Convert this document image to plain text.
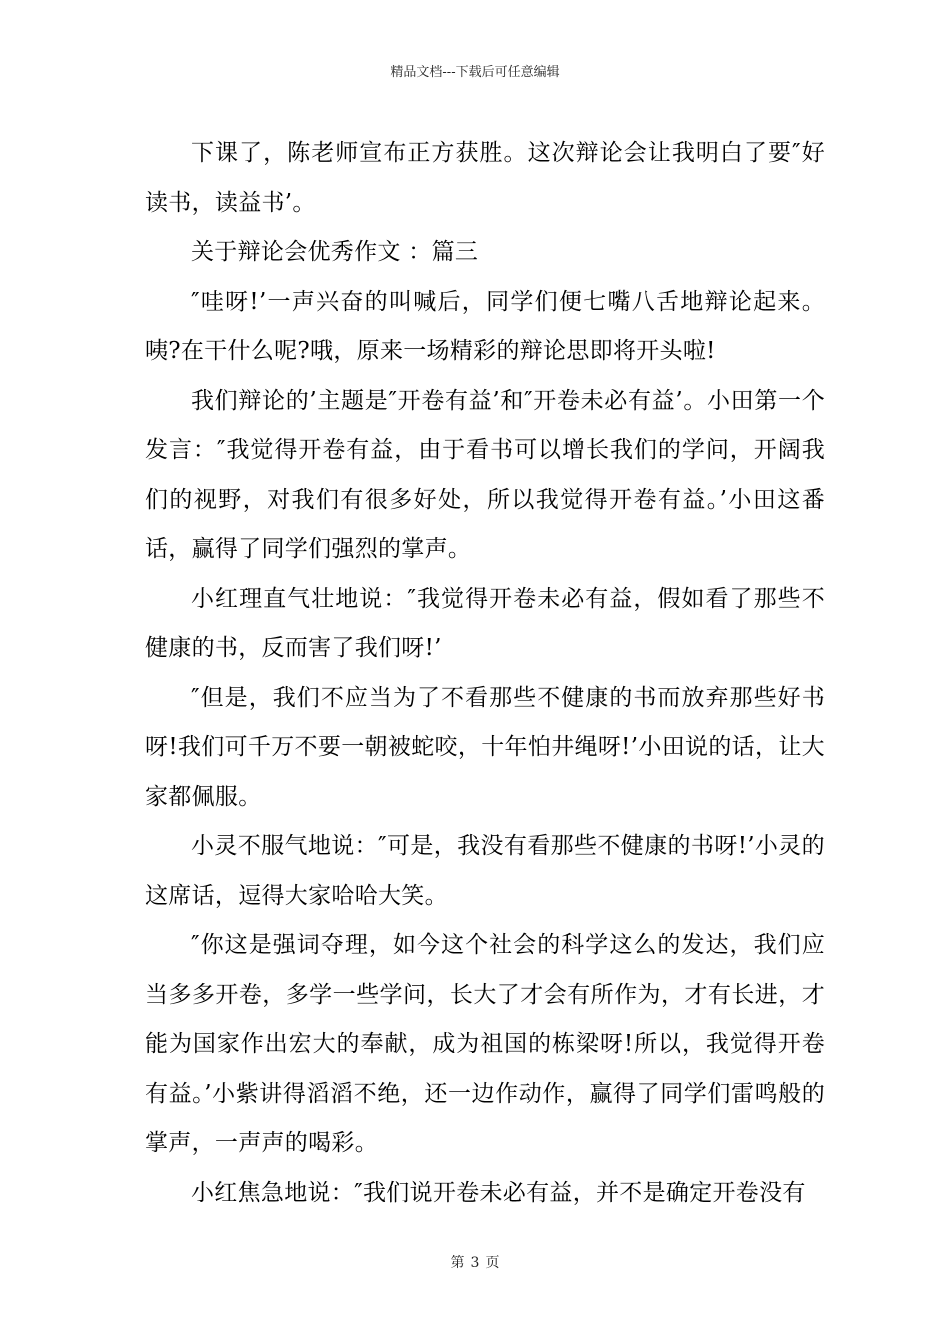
精品文档---下载后可任意编辑

下课了，陈老师宣布正方获胜。这次辩论会让我明白了要″好读书，读益书’。

关于辩论会优秀作文 ：篇三

″哇呀!’一声兴奋的叫喊后，同学们便七嘴八舌地辩论起来。咦?在干什么呢?哦，原来一场精彩的辩论思即将开头啦!

我们辩论的’主题是″开卷有益’和″开卷未必有益’。小田第一个发言：″我觉得开卷有益，由于看书可以增长我们的学问，开阔我们的视野，对我们有很多好处，所以我觉得开卷有益。’小田这番话，赢得了同学们强烈的掌声。

小红理直气壮地说：″我觉得开卷未必有益，假如看了那些不健康的书，反而害了我们呀!’

″但是，我们不应当为了不看那些不健康的书而放弃那些好书呀!我们可千万不要一朝被蛇咬，十年怕井绳呀!’小田说的话，让大家都佩服。

小灵不服气地说：″可是，我没有看那些不健康的书呀!’小灵的这席话，逗得大家哈哈大笑。

″你这是强词夺理，如今这个社会的科学这么的发达，我们应当多多开卷，多学一些学问，长大了才会有所作为，才有长进，才能为国家作出宏大的奉献，成为祖国的栋梁呀!所以，我觉得开卷有益。’小紫讲得滔滔不绝，还一边作动作，赢得了同学们雷鸣般的掌声，一声声的喝彩。

小红焦急地说：″我们说开卷未必有益，并不是确定开卷没有

第 3 页
